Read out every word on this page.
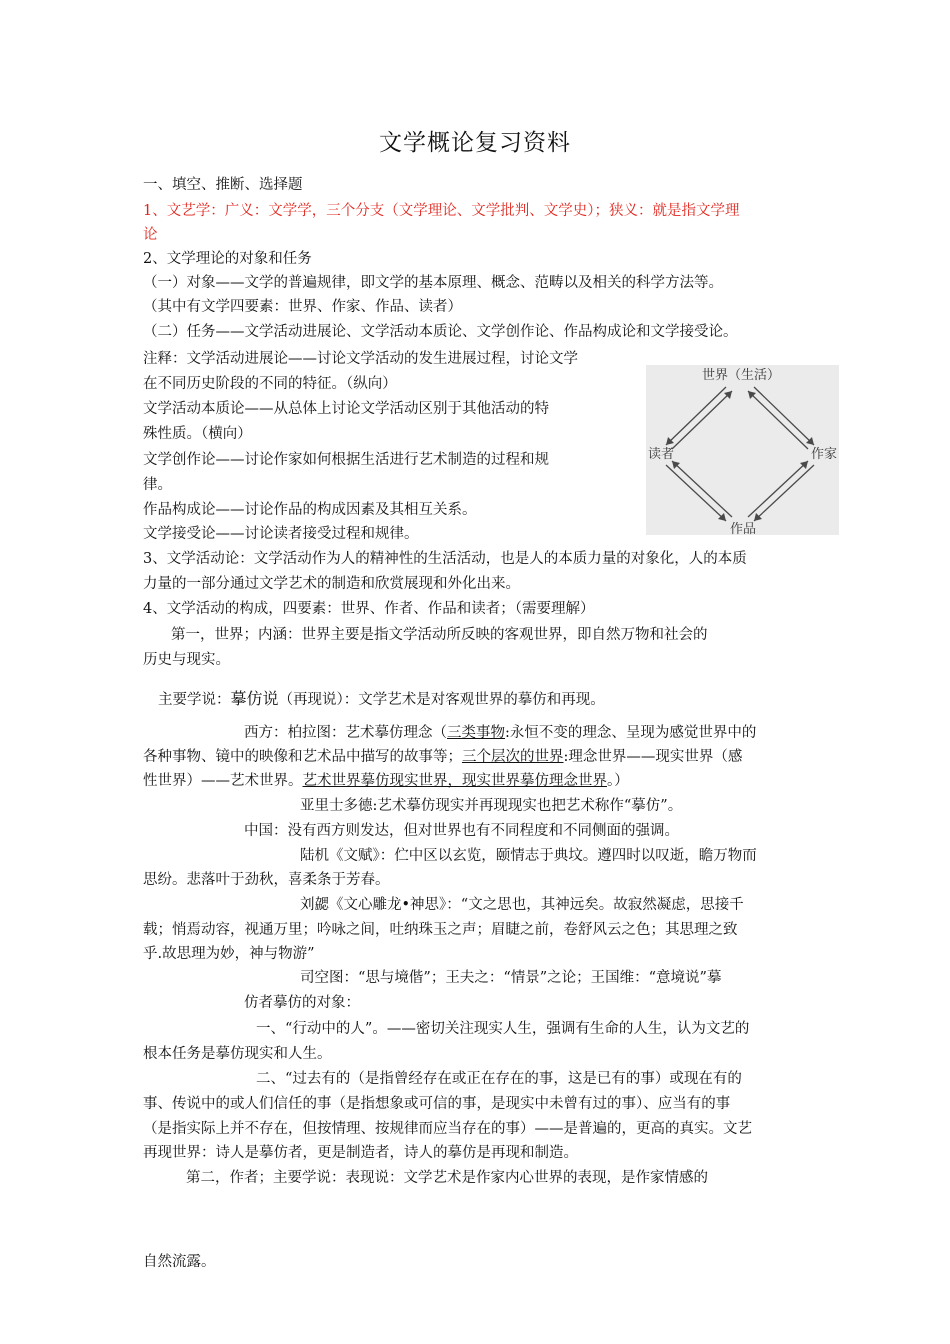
文学概论复习资料
一、填空、推断、选择题
1、文艺学：广义：文学学，三个分支（文学理论、文学批判、文学史）；狭义：就是指文学理
论
2、文学理论的对象和任务
（一）对象——文学的普遍规律，即文学的基本原理、概念、范畴以及相关的科学方法等。
（其中有文学四要素：世界、作家、作品、读者）
（二）任务——文学活动进展论、文学活动本质论、文学创作论、作品构成论和文学接受论。
注释：文学活动进展论——讨论文学活动的发生进展过程，讨论文学
在不同历史阶段的不同的特征。（纵向）
文学活动本质论——从总体上讨论文学活动区别于其他活动的特
殊性质。（横向）
文学创作论——讨论作家如何根据生活进行艺术制造的过程和规
律。
作品构成论——讨论作品的构成因素及其相互关系。
文学接受论——讨论读者接受过程和规律。
3、文学活动论：文学活动作为人的精神性的生活活动，也是人的本质力量的对象化，人的本质
力量的一部分通过文学艺术的制造和欣赏展现和外化出来。
4、文学活动的构成，四要素：世界、作者、作品和读者；（需要理解）
第一，世界；内涵：世界主要是指文学活动所反映的客观世界，即自然万物和社会的
历史与现实。
主要学说：摹仿说（再现说）：文学艺术是对客观世界的摹仿和再现。
西方：柏拉图：艺术摹仿理念（三类事物:永恒不变的理念、呈现为感觉世界中的
各种事物、镜中的映像和艺术品中描写的故事等；三个层次的世界:理念世界——现实世界（感
性世界）——艺术世界。艺术世界摹仿现实世界，现实世界摹仿理念世界。）
亚里士多德:艺术摹仿现实并再现现实也把艺术称作“摹仿”。
中国：没有西方则发达，但对世界也有不同程度和不同侧面的强调。
陆机《文赋》：伫中区以玄览，颐情志于典坟。遵四时以叹逝，瞻万物而
思纷。悲落叶于劲秋，喜柔条于芳春。
刘勰《文心雕龙•神思》：“文之思也，其神远矣。故寂然凝虑，思接千
载；悄焉动容，视通万里；吟咏之间，吐纳珠玉之声；眉睫之前，卷舒风云之色；其思理之致
乎.故思理为妙，神与物游”
司空图：“思与境偕”；王夫之：“情景”之论；王国维：“意境说”摹
仿者摹仿的对象：
一、“行动中的人”。——密切关注现实人生，强调有生命的人生，认为文艺的
根本任务是摹仿现实和人生。
二、“过去有的（是指曾经存在或正在存在的事，这是已有的事）或现在有的
事、传说中的或人们信任的事（是指想象或可信的事，是现实中未曾有过的事）、应当有的事
（是指实际上并不存在，但按情理、按规律而应当存在的事）——是普遍的，更高的真实。文艺
再现世界：诗人是摹仿者，更是制造者，诗人的摹仿是再现和制造。
第二，作者；主要学说：表现说：文学艺术是作家内心世界的表现，是作家情感的
自然流露。
世界（生活）
读者	作家
作品
